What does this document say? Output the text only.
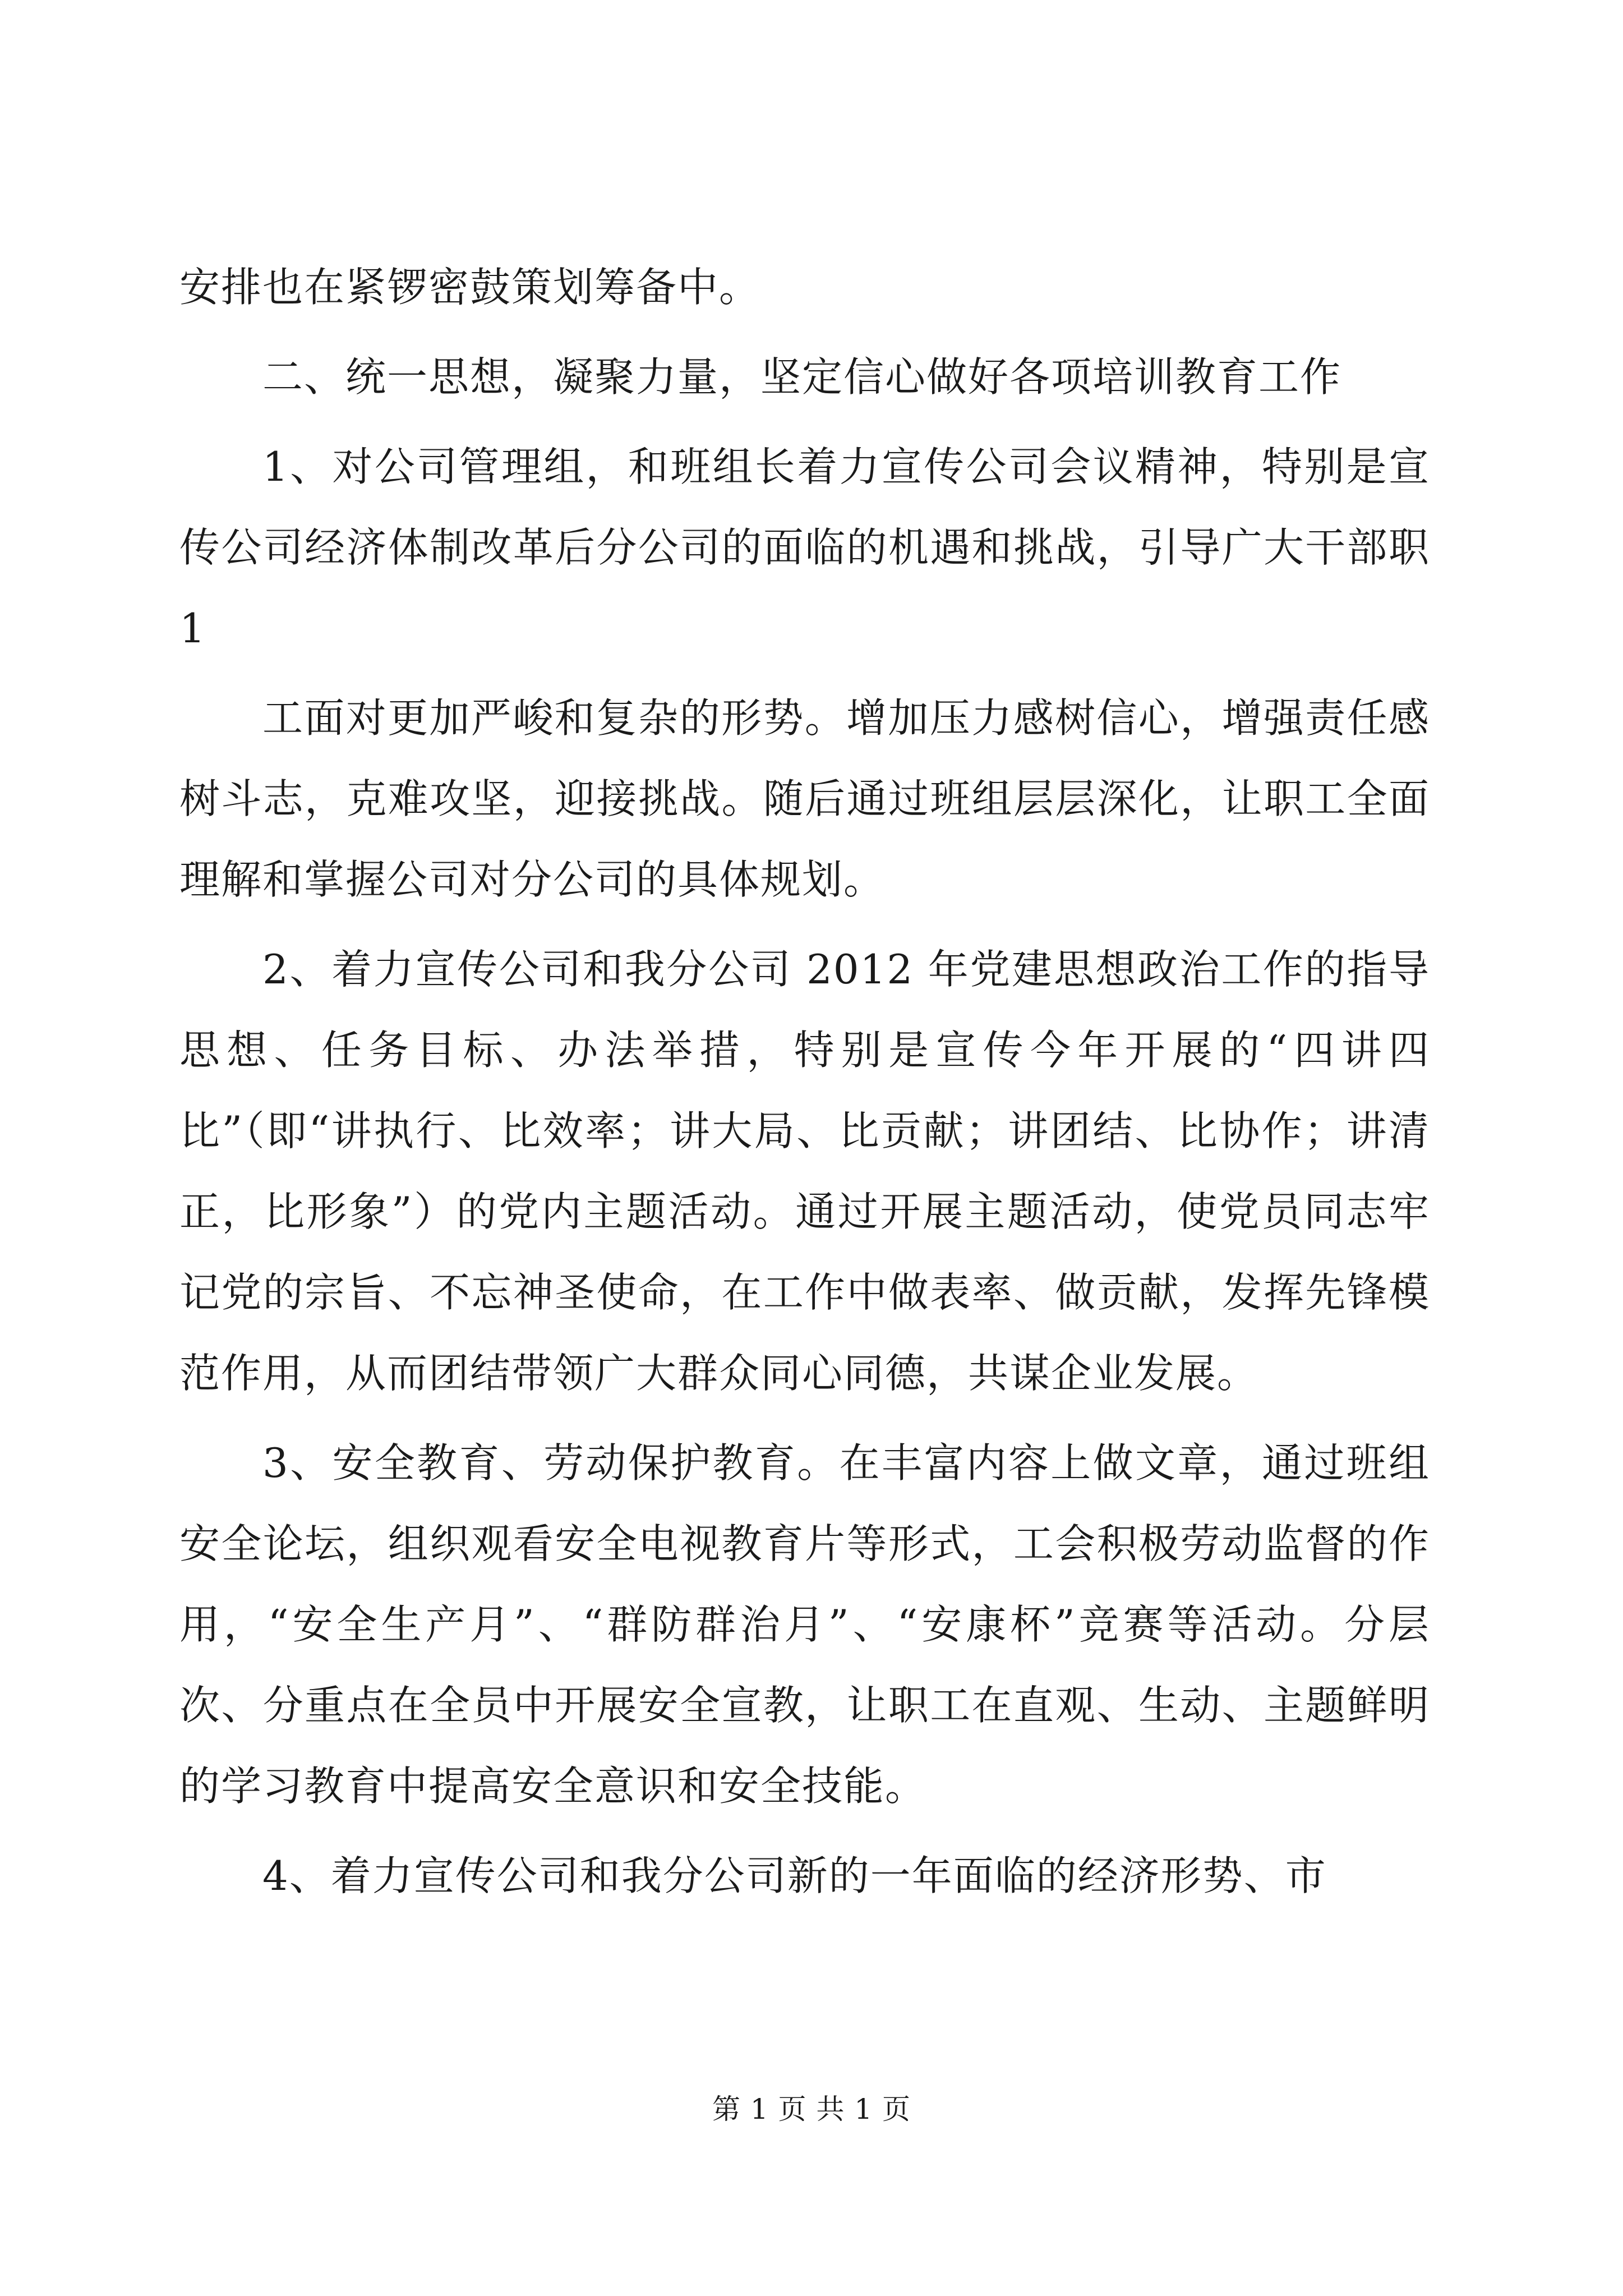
安排也在紧锣密鼓策划筹备中。

二、统一思想，凝聚力量，坚定信心做好各项培训教育工作

1、对公司管理组，和班组长着力宣传公司会议精神，特别是宣传公司经济体制改革后分公司的面临的机遇和挑战，引导广大干部职 1

工面对更加严峻和复杂的形势。增加压力感树信心，增强责任感树斗志，克难攻坚，迎接挑战。随后通过班组层层深化，让职工全面理解和掌握公司对分公司的具体规划。

2、着力宣传公司和我分公司 2012 年党建思想政治工作的指导思想、任务目标、办法举措，特别是宣传今年开展的“四讲四比”（即“讲执行、比效率；讲大局、比贡献；讲团结、比协作；讲清正，比形象”）的党内主题活动。通过开展主题活动，使党员同志牢记党的宗旨、不忘神圣使命，在工作中做表率、做贡献，发挥先锋模范作用，从而团结带领广大群众同心同德，共谋企业发展。

3、安全教育、劳动保护教育。在丰富内容上做文章，通过班组安全论坛，组织观看安全电视教育片等形式，工会积极劳动监督的作用，“安全生产月”、“群防群治月”、“安康杯”竞赛等活动。分层次、分重点在全员中开展安全宣教，让职工在直观、生动、主题鲜明的学习教育中提高安全意识和安全技能。

4、着力宣传公司和我分公司新的一年面临的经济形势、市

第 1 页 共 1 页
